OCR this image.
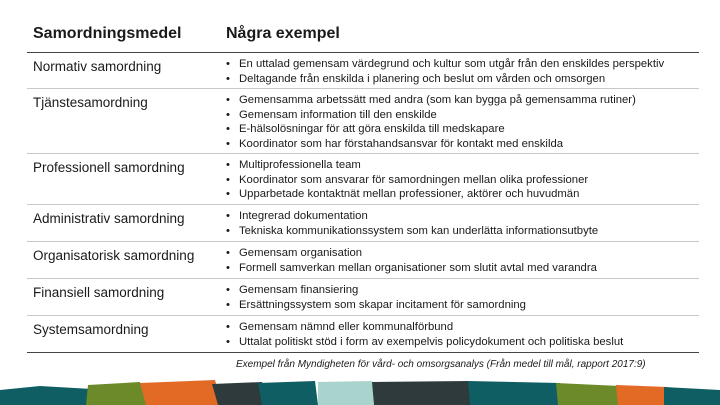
Samordningsmedel	Några exempel
Normativ samordning	• En uttalad gemensam värdegrund och kultur som utgår från den enskildes perspektiv
• Deltagande från enskilda i planering och beslut om vården och omsorgen
Tjänstesamordning	• Gemensamma arbetssätt med andra (som kan bygga på gemensamma rutiner)
• Gemensam information till den enskilde
• E-hälsolösningar för att göra enskilda till medskapare
• Koordinator som har förstahandsansvar för kontakt med enskilda
Professionell samordning	• Multiprofessionella team
• Koordinator som ansvarar för samordningen mellan olika professioner
• Upparbetade kontaktnät mellan professioner, aktörer och huvudmän
Administrativ samordning	• Integrerad dokumentation
• Tekniska kommunikationssystem som kan underlätta informationsutbyte
Organisatorisk samordning	• Gemensam organisation
• Formell samverkan mellan organisationer som slutit avtal med varandra
Finansiell samordning	• Gemensam finansiering
• Ersättningssystem som skapar incitament för samordning
Systemsamordning	• Gemensam nämnd eller kommunalförbund
• Uttalat politiskt stöd i form av exempelvis policydokument och politiska beslut
Exempel från Myndigheten för vård- och omsorgsanalys (Från medel till mål, rapport 2017:9)
